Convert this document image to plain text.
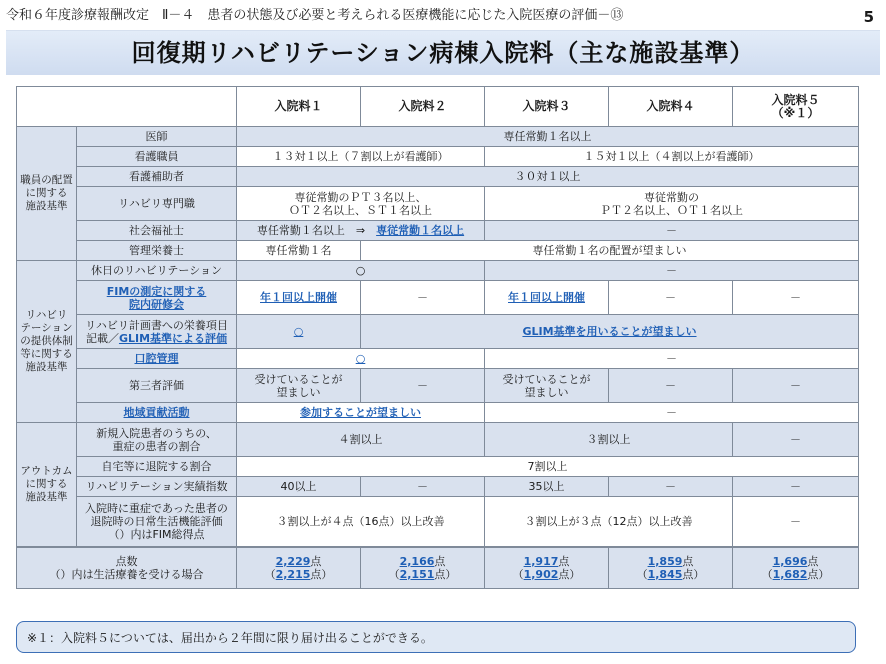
令和６年度診療報酬改定　Ⅱ－４　患者の状態及び必要と考えられる医療機能に応じた入院医療の評価－⑬
回復期リハビリテーション病棟入院料（主な施設基準）
		入院料１	入院料２	入院料３	入院料４	入院料５
（※１）

職員の配置
に関する
施設基準	医師	専任常勤１名以上				
	看護職員	１３対１以上（７割以上が看護師）		１５対１以上（４割以上が看護師）		
	看護補助者	３０対１以上				
	リハビリ専門職	専従常勤のＰＴ３名以上、
ＯＴ２名以上、ＳＴ１名以上		専従常勤の
ＰＴ２名以上、ＯＴ１名以上		

	社会福祉士	専任常勤１名以上　⇒　専従常勤１名以上		－		
	管理栄養士	専任常勤１名	専任常勤１名の配置が望ましい			

リハビリ
テーション
の提供体制
等に関する
施設基準	休日のリハビリテーション	○		－		

	FIMの測定に関する
院内研修会	年１回以上開催	－	年１回以上開催	－	－

	リハビリ計画書への栄養項目
記載／GLIM基準による評価	○	GLIM基準を用いることが望ましい			
	口腔管理	○		－		
	第三者評価	受けていることが
望ましい	－	受けていることが
望ましい	－	－
	地域貢献活動	参加することが望ましい		－		

アウトカム
に関する
施設基準	新規入院患者のうちの、
重症の患者の割合	４割以上		３割以上		－
	自宅等に退院する割合	7割以上				
	リハビリテーション実績指数	40以上	－	35以上	－	－

	入院時に重症であった患者の
退院時の日常生活機能評価
（）内はFIM総得点	３割以上が４点（16点）以上改善		３割以上が３点（12点）以上改善		－

点数
（）内は生活療養を受ける場合		2,229点
（2,215点）	2,166点
（2,151点）	1,917点
（1,902点）	1,859点
（1,845点）	1,696点
（1,682点）
※１：入院料５については、届出から２年間に限り届け出ることができる。
5
